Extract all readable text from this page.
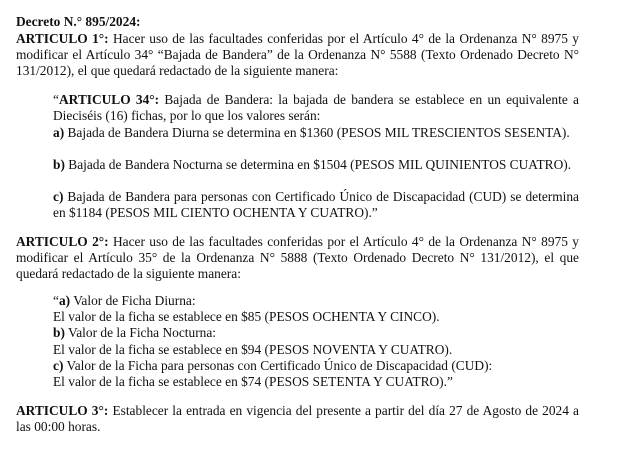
Decreto N.° 895/2024:

ARTICULO 1°: Hacer uso de las facultades conferidas por el Artículo 4° de la Ordenanza N° 8975 y modificar el Artículo 34° “Bajada de Bandera” de la Ordenanza N° 5588 (Texto Ordenado Decreto N° 131/2012), el que quedará redactado de la siguiente manera:

“ARTICULO 34°: Bajada de Bandera: la bajada de bandera se establece en un equivalente a Dieciséis (16) fichas, por lo que los valores serán:

a) Bajada de Bandera Diurna se determina en $1360 (PESOS MIL TRESCIENTOS SESENTA).

b) Bajada de Bandera Nocturna se determina en $1504 (PESOS MIL QUINIENTOS CUATRO).

c) Bajada de Bandera para personas con Certificado Único de Discapacidad (CUD) se determina en $1184 (PESOS MIL CIENTO OCHENTA Y CUATRO).”

ARTICULO 2°: Hacer uso de las facultades conferidas por el Artículo 4° de la Ordenanza N° 8975 y modificar el Artículo 35° de la Ordenanza N° 5888 (Texto Ordenado Decreto N° 131/2012), el que quedará redactado de la siguiente manera:

“a) Valor de Ficha Diurna:
El valor de la ficha se establece en $85 (PESOS OCHENTA Y CINCO).
b) Valor de la Ficha Nocturna:
El valor de la ficha se establece en $94 (PESOS NOVENTA Y CUATRO).
c) Valor de la Ficha para personas con Certificado Único de Discapacidad (CUD):
El valor de la ficha se establece en $74 (PESOS SETENTA Y CUATRO).”

ARTICULO 3°: Establecer la entrada en vigencia del presente a partir del día 27 de Agosto de 2024 a las 00:00 horas.
